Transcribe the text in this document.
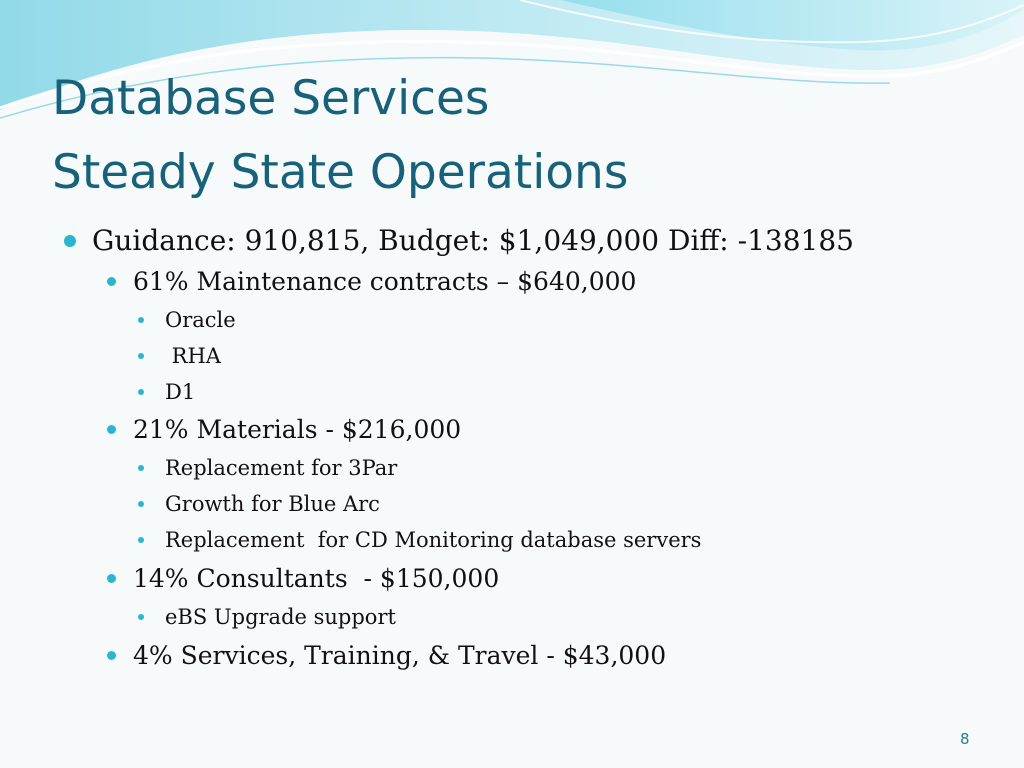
Database Services
Steady State Operations
Guidance: 910,815, Budget: $1,049,000 Diff: -138185
61% Maintenance contracts – $640,000
Oracle
RHA
D1
21% Materials - $216,000
Replacement for 3Par
Growth for Blue Arc
Replacement  for CD Monitoring database servers
14% Consultants  - $150,000
eBS Upgrade support
4% Services, Training, & Travel - $43,000
8
